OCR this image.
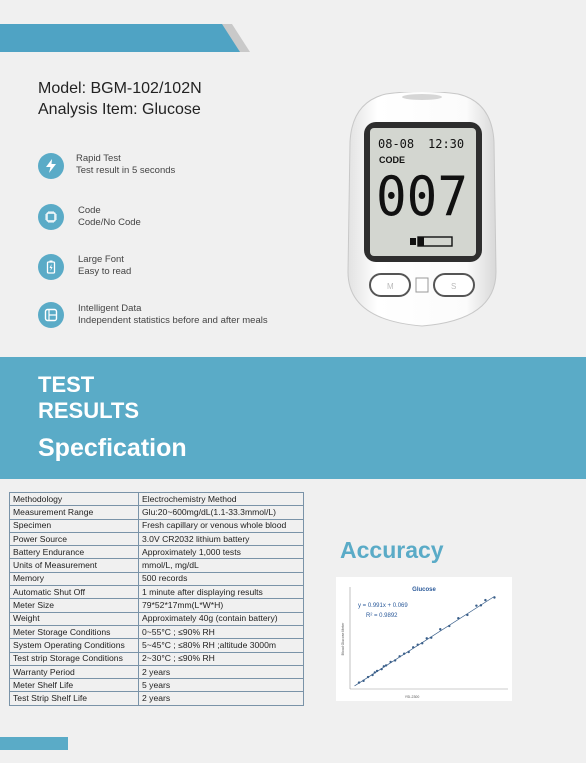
Model: BGM-102/102N
Analysis Item: Glucose
Rapid Test
Test result in 5 seconds
Code
Code/No Code
Large Font
Easy to read
Intelligent Data
Independent statistics before and after meals
08-08 12:30
CODE
007
M	S
TEST
RESULTS
Specfication
Methodology	Electrochemistry Method
Measurement Range	Glu:20~600mg/dL(1.1-33.3mmol/L)
Specimen	Fresh capillary or venous whole blood
Power Source	3.0V CR2032 lithium battery
Battery Endurance	Approximately 1,000 tests
Units of Measurement	mmol/L, mg/dL
Memory	500 records
Automatic Shut Off	1 minute after displaying results
Meter Size	79*52*17mm(L*W*H)
Weight	Approximately 40g (contain battery)
Meter Storage Conditions	0~55°C ; ≤90% RH
System Operating Conditions	5~45°C ; ≤80% RH ;altitude 3000m
Test strip Storage Conditions	2~30°C ; ≤90% RH
Warranty Period	2 years
Meter Shelf Life	5 years
Test Strip Shelf Life	2 years
Accuracy
Glucose
y = 0.991x + 0.069
R² = 0.9892
YSI-2300
Blood Glucose Meter
